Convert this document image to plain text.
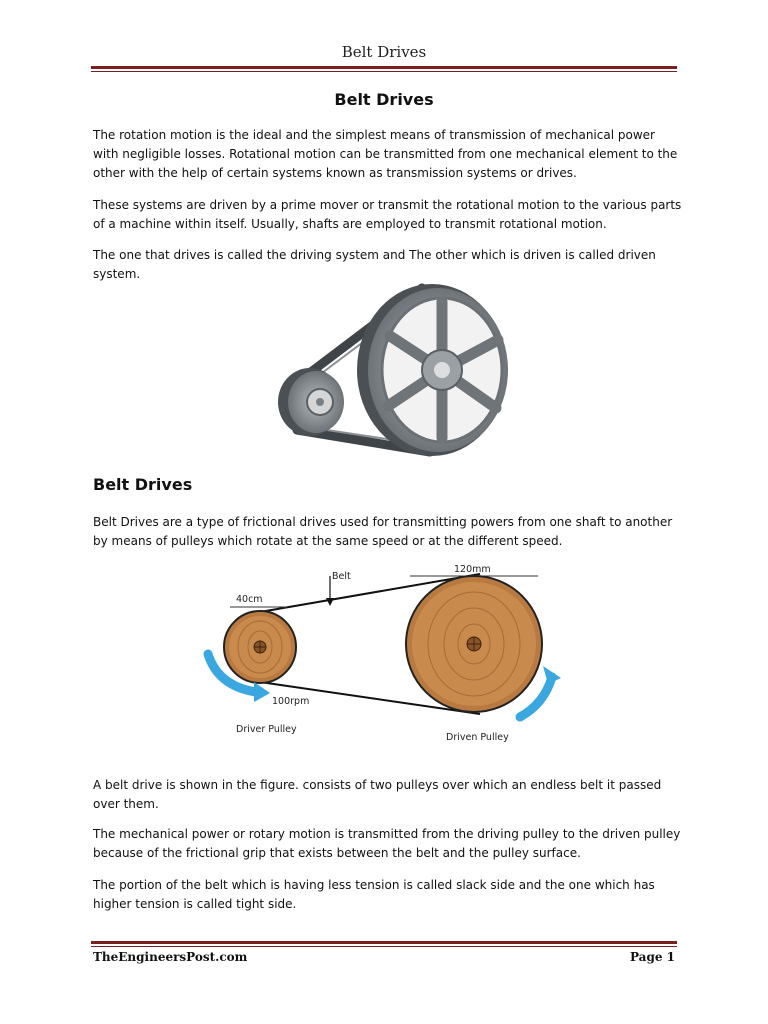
Belt Drives
Belt Drives

The rotation motion is the ideal and the simplest means of transmission of mechanical power with negligible losses. Rotational motion can be transmitted from one mechanical element to the other with the help of certain systems known as transmission systems or drives.

These systems are driven by a prime mover or transmit the rotational motion to the various parts of a machine within itself. Usually, shafts are employed to transmit rotational motion.

The one that drives is called the driving system and The other which is driven is called driven system.

Belt Drives

Belt Drives are a type of frictional drives used for transmitting powers from one shaft to another by means of pulleys which rotate at the same speed or at the different speed.

Belt
40cm
120mm
100rpm
Driver Pulley
Driven Pulley

A belt drive is shown in the figure. consists of two pulleys over which an endless belt it passed over them.

The mechanical power or rotary motion is transmitted from the driving pulley to the driven pulley because of the frictional grip that exists between the belt and the pulley surface.

The portion of the belt which is having less tension is called slack side and the one which has higher tension is called tight side.

TheEngineersPost.com	Page 1
